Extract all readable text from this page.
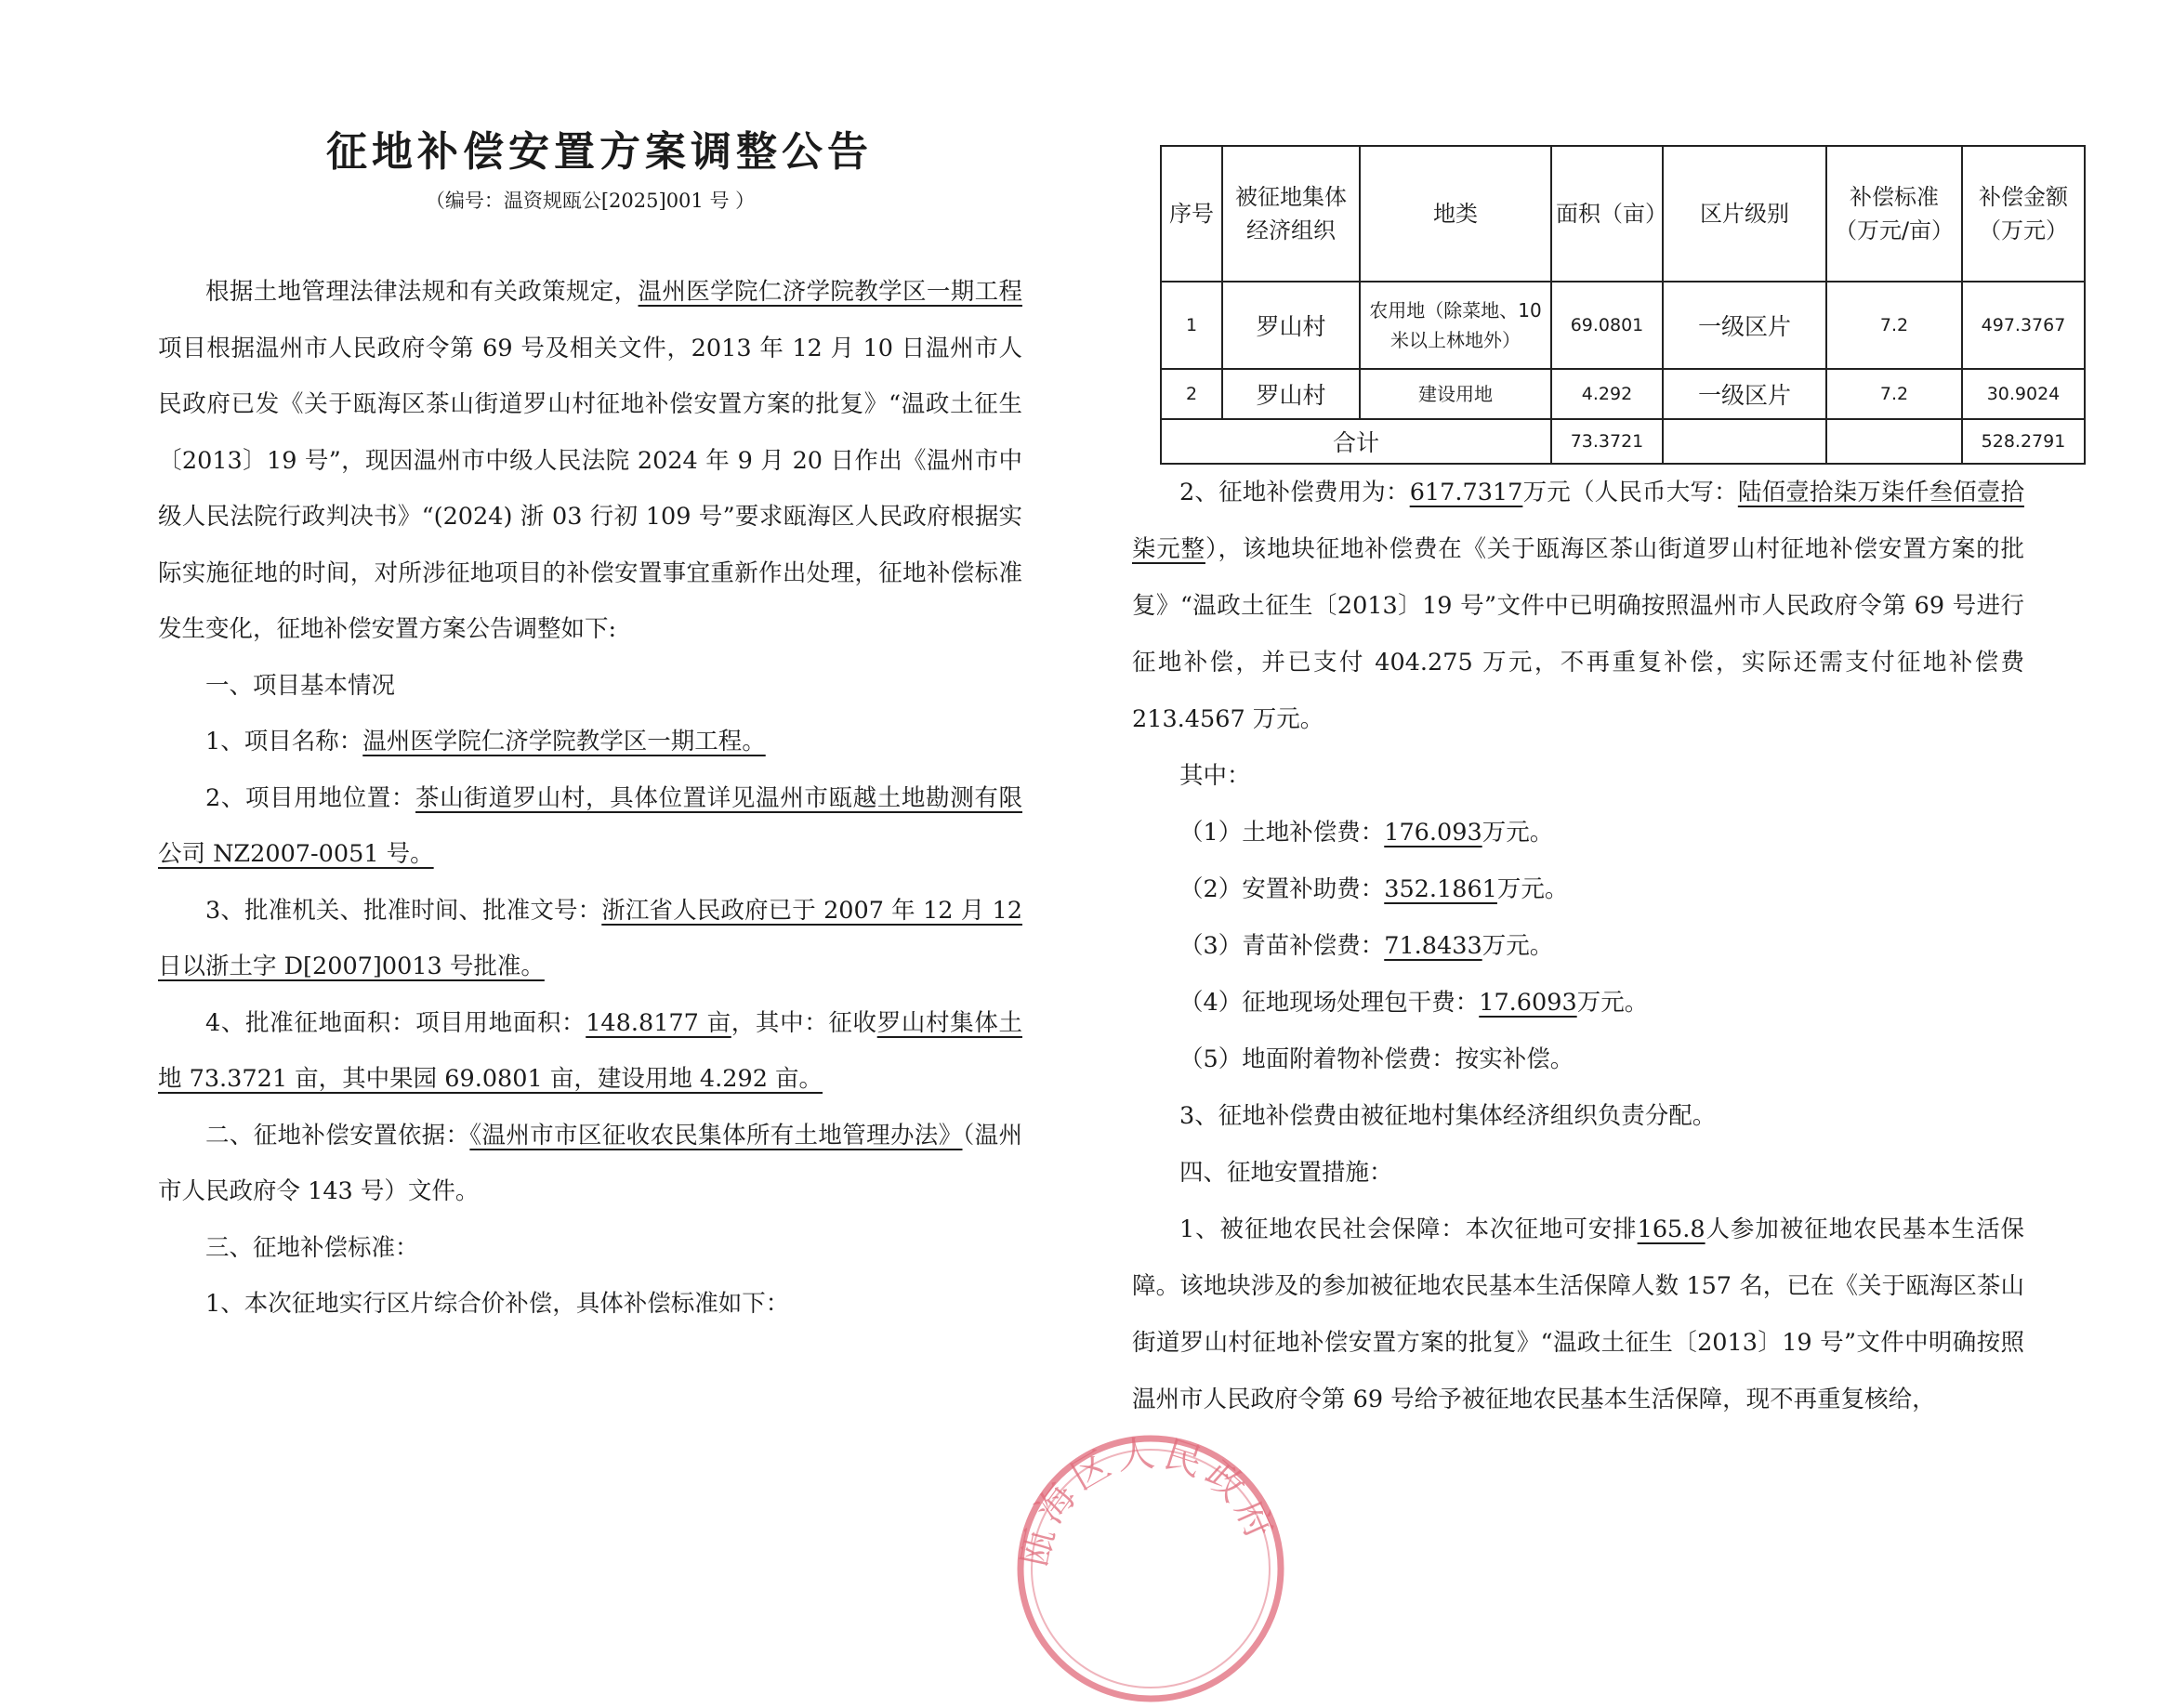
征地补偿安置方案调整公告
（编号：温资规瓯公[2025]001 号 ）

根据土地管理法律法规和有关政策规定，温州医学院仁济学院教学区一期工程项目根据温州市人民政府令第 69 号及相关文件，2013 年 12 月 10 日温州市人民政府已发《关于瓯海区茶山街道罗山村征地补偿安置方案的批复》“温政土征生〔2013〕19 号”，现因温州市中级人民法院 2024 年 9 月 20 日作出《温州市中级人民法院行政判决书》“(2024) 浙 03 行初 109 号”要求瓯海区人民政府根据实际实施征地的时间，对所涉征地项目的补偿安置事宜重新作出处理，征地补偿标准发生变化，征地补偿安置方案公告调整如下:

一、项目基本情况

1、项目名称：温州医学院仁济学院教学区一期工程。

2、项目用地位置：茶山街道罗山村，具体位置详见温州市瓯越土地勘测有限公司 NZ2007-0051 号。

3、批准机关、批准时间、批准文号：浙江省人民政府已于 2007 年 12 月 12 日以浙土字 D[2007]0013 号批准。

4、批准征地面积：项目用地面积：148.8177 亩，其中：征收罗山村集体土地 73.3721 亩，其中果园 69.0801 亩，建设用地 4.292 亩。

二、征地补偿安置依据：《温州市市区征收农民集体所有土地管理办法》（温州市人民政府令 143 号）文件。

三、征地补偿标准：

1、本次征地实行区片综合价补偿，具体补偿标准如下：

序号	被征地集体经济组织	地类	面积（亩）	区片级别	补偿标准（万元/亩）	补偿金额（万元）
1	罗山村	农用地（除菜地、10 米以上林地外）	69.0801	一级区片	7.2	497.3767
2	罗山村	建设用地	4.292	一级区片	7.2	30.9024
合计			73.3721			528.2791

2、征地补偿费用为：617.7317万元（人民币大写：陆佰壹拾柒万柒仟叁佰壹拾柒元整），该地块征地补偿费在《关于瓯海区茶山街道罗山村征地补偿安置方案的批复》“温政土征生〔2013〕19 号”文件中已明确按照温州市人民政府令第 69 号进行征地补偿，并已支付 404.275 万元，不再重复补偿，实际还需支付征地补偿费 213.4567 万元。

其中：

（1）土地补偿费：176.093万元。

（2）安置补助费：352.1861万元。

（3）青苗补偿费：71.8433万元。

（4）征地现场处理包干费：17.6093万元。

（5）地面附着物补偿费：按实补偿。

3、征地补偿费由被征地村集体经济组织负责分配。

四、征地安置措施：

1、被征地农民社会保障：本次征地可安排165.8人参加被征地农民基本生活保障。该地块涉及的参加被征地农民基本生活保障人数 157 名，已在《关于瓯海区茶山街道罗山村征地补偿安置方案的批复》“温政土征生〔2013〕19 号”文件中明确按照温州市人民政府令第 69 号给予被征地农民基本生活保障，现不再重复核给，

瓯海区人民政府
